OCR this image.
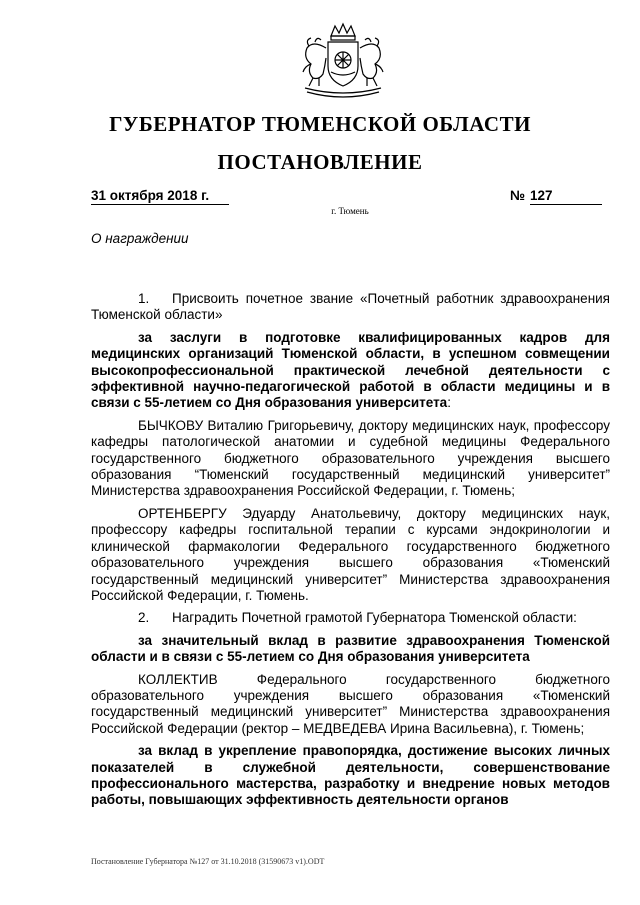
ГУБЕРНАТОР ТЮМЕНСКОЙ ОБЛАСТИ
ПОСТАНОВЛЕНИЕ
31 октября 2018 г.	№ 127
г. Тюмень
О награждении

1. Присвоить почетное звание «Почетный работник здравоохранения Тюменской области»

за заслуги в подготовке квалифицированных кадров для медицинских организаций Тюменской области, в успешном совмещении высокопрофессиональной практической лечебной деятельности с эффективной научно-педагогической работой в области медицины и в связи с 55-летием со Дня образования университета:

БЫЧКОВУ Виталию Григорьевичу, доктору медицинских наук, профессору кафедры патологической анатомии и судебной медицины Федерального государственного бюджетного образовательного учреждения высшего образования “Тюменский государственный медицинский университет” Министерства здравоохранения Российской Федерации, г. Тюмень;

ОРТЕНБЕРГУ Эдуарду Анатольевичу, доктору медицинских наук, профессору кафедры госпитальной терапии с курсами эндокринологии и клинической фармакологии Федерального государственного бюджетного образовательного учреждения высшего образования «Тюменский государственный медицинский университет” Министерства здравоохранения Российской Федерации, г. Тюмень.

2. Наградить Почетной грамотой Губернатора Тюменской области:

за значительный вклад в развитие здравоохранения Тюменской области и в связи с 55-летием со Дня образования университета

КОЛЛЕКТИВ Федерального государственного бюджетного образовательного учреждения высшего образования «Тюменский государственный медицинский университет” Министерства здравоохранения Российской Федерации (ректор – МЕДВЕДЕВА Ирина Васильевна), г. Тюмень;

за вклад в укрепление правопорядка, достижение высоких личных показателей в служебной деятельности, совершенствование профессионального мастерства, разработку и внедрение новых методов работы, повышающих эффективность деятельности органов

Постановление Губернатора №127 от 31.10.2018 (31590673 v1).ODT
